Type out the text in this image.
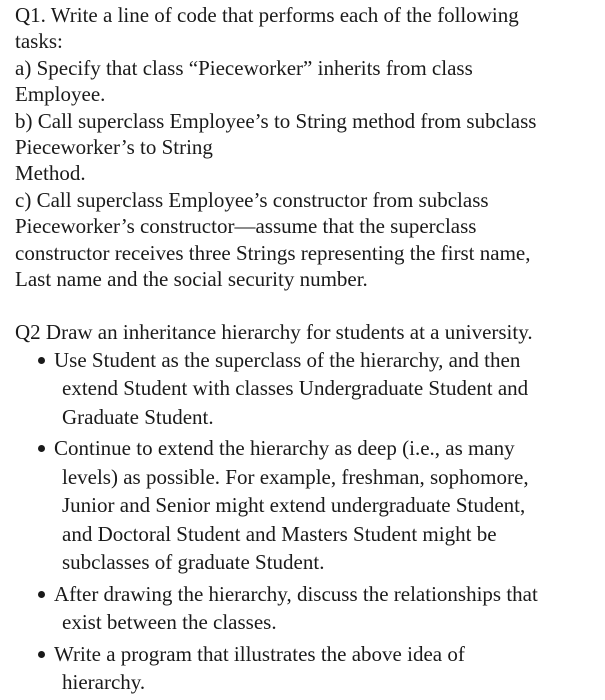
Q1. Write a line of code that performs each of the following
tasks:
a) Specify that class “Pieceworker” inherits from class
Employee.
b) Call superclass Employee’s to String method from subclass
Pieceworker’s to String
Method.
c) Call superclass Employee’s constructor from subclass
Pieceworker’s constructor—assume that the superclass
constructor receives three Strings representing the first name,
Last name and the social security number.
Q2 Draw an inheritance hierarchy for students at a university.
Use Student as the superclass of the hierarchy, and then
extend Student with classes Undergraduate Student and
Graduate Student.
Continue to extend the hierarchy as deep (i.e., as many
levels) as possible. For example, freshman, sophomore,
Junior and Senior might extend undergraduate Student,
and Doctoral Student and Masters Student might be
subclasses of graduate Student.
After drawing the hierarchy, discuss the relationships that
exist between the classes.
Write a program that illustrates the above idea of
hierarchy.
